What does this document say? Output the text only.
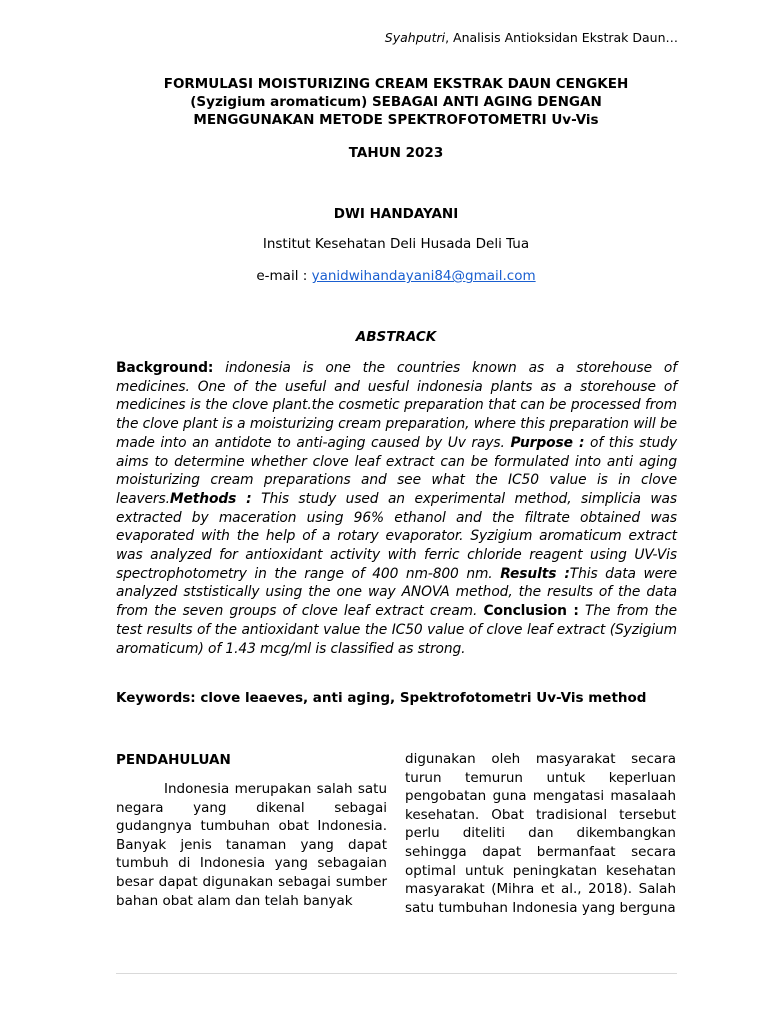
Syahputri, Analisis Antioksidan Ekstrak Daun…
FORMULASI MOISTURIZING CREAM EKSTRAK DAUN CENGKEH
(Syzigium aromaticum) SEBAGAI ANTI AGING DENGAN
MENGGUNAKAN METODE SPEKTROFOTOMETRI Uv-Vis
TAHUN 2023
DWI HANDAYANI
Institut Kesehatan Deli Husada Deli Tua
e-mail : yanidwihandayani84@gmail.com
ABSTRACK
Background: indonesia is one the countries known as a storehouse of medicines. One of the useful and uesful indonesia plants as a storehouse of medicines is the clove plant.the cosmetic preparation that can be processed from the clove plant is a moisturizing cream preparation, where this preparation will be made into an antidote to anti-aging caused by Uv rays. Purpose : of this study aims to determine whether clove leaf extract can be formulated into anti aging moisturizing cream preparations and see what the IC50 value is in clove leavers.Methods : This study used an experimental method, simplicia was extracted by maceration using 96% ethanol and the filtrate obtained was evaporated with the help of a rotary evaporator. Syzigium aromaticum extract was analyzed for antioxidant activity with ferric chloride reagent using UV-Vis spectrophotometry in the range of 400 nm-800 nm. Results :This data were analyzed ststistically using the one way ANOVA method, the results of the data from the seven groups of clove leaf extract cream. Conclusion : The from the test results of the antioxidant value the IC50 value of clove leaf extract (Syzigium aromaticum) of 1.43 mcg/ml is classified as strong.
Keywords: clove leaeves, anti aging, Spektrofotometri Uv-Vis method
PENDAHULUAN

Indonesia merupakan salah satu negara yang dikenal sebagai gudangnya tumbuhan obat Indonesia. Banyak jenis tanaman yang dapat tumbuh di Indonesia yang sebagaian besar dapat digunakan sebagai sumber bahan obat alam dan telah banyak

digunakan oleh masyarakat secara turun temurun untuk keperluan pengobatan guna mengatasi masalaah kesehatan. Obat tradisional tersebut perlu diteliti dan dikembangkan sehingga dapat bermanfaat secara optimal untuk peningkatan kesehatan masyarakat (Mihra et al., 2018). Salah satu tumbuhan Indonesia yang berguna
